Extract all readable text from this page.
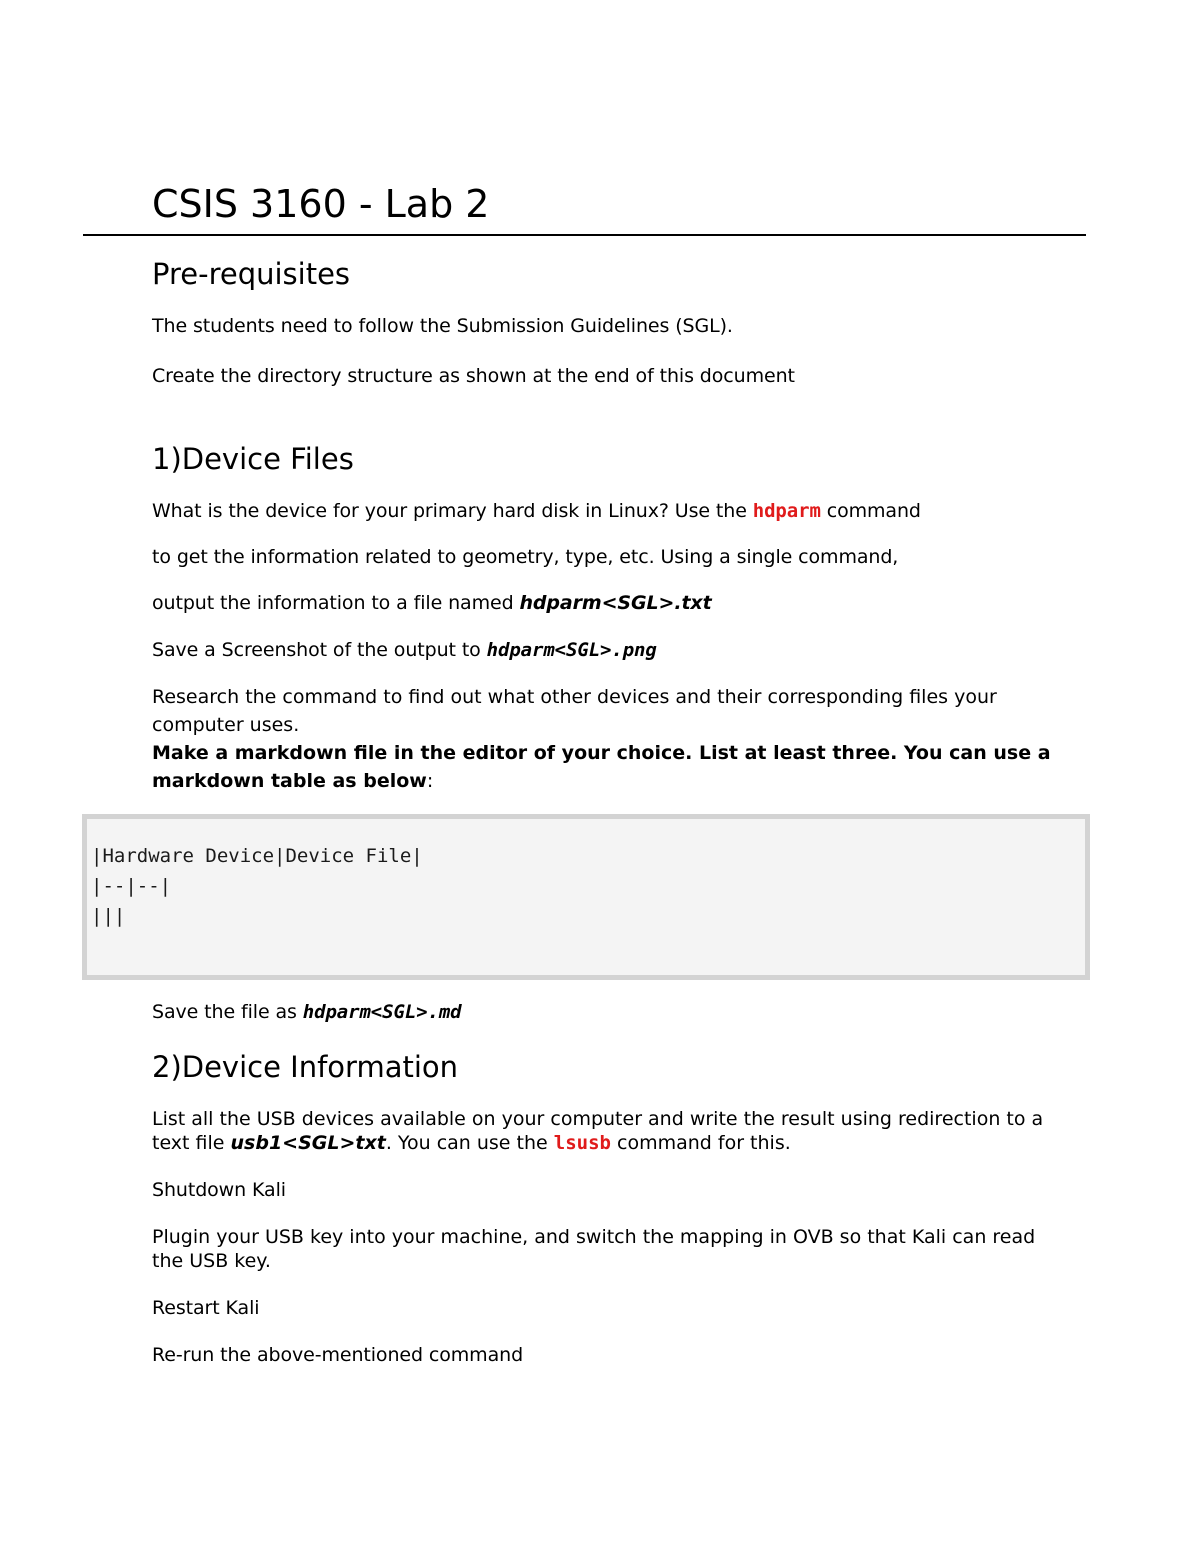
CSIS 3160 - Lab 2
Pre-requisites

The students need to follow the Submission Guidelines (SGL).

Create the directory structure as shown at the end of this document

1)Device Files

What is the device for your primary hard disk in Linux? Use the hdparm command

to get the information related to geometry, type, etc. Using a single command,

output the information to a file named hdparm<SGL>.txt

Save a Screenshot of the output to hdparm<SGL>.png

Research the command to find out what other devices and their corresponding files your computer uses.

Make a markdown file in the editor of your choice. List at least three. You can use a markdown table as below:

|Hardware Device|Device File|
|--|--|
|||

Save the file as hdparm<SGL>.md

2)Device Information

List all the USB devices available on your computer and write the result using redirection to a text file usb1<SGL>txt. You can use the lsusb command for this.

Shutdown Kali

Plugin your USB key into your machine, and switch the mapping in OVB so that Kali can read the USB key.

Restart Kali

Re-run the above-mentioned command
